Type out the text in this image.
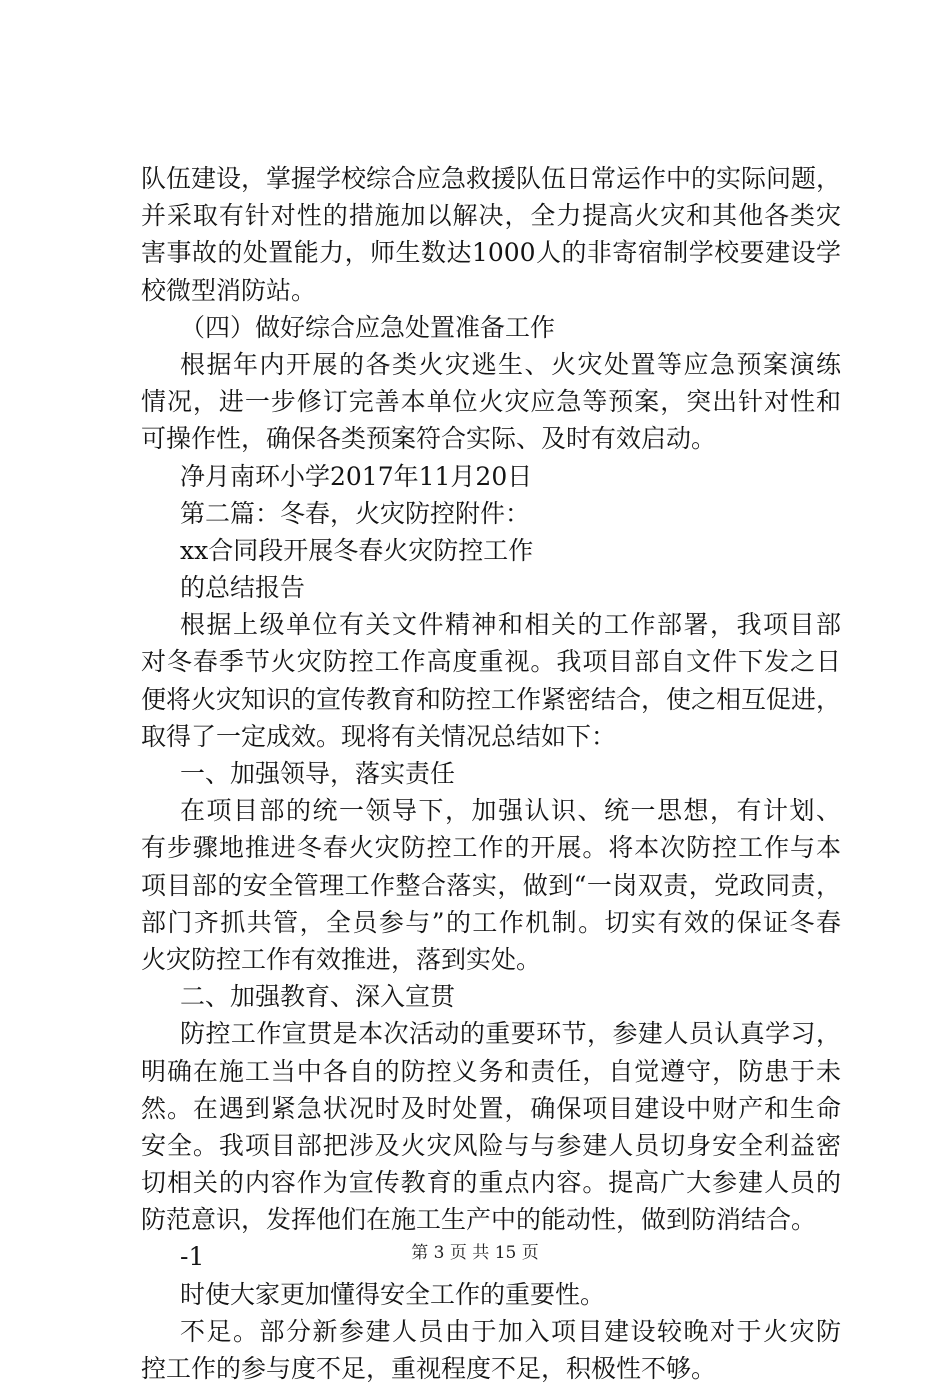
队伍建设，掌握学校综合应急救援队伍日常运作中的实际问题，
并采取有针对性的措施加以解决，全力提高火灾和其他各类灾
害事故的处置能力，师生数达1000人的非寄宿制学校要建设学
校微型消防站。
（四）做好综合应急处置准备工作
根据年内开展的各类火灾逃生、火灾处置等应急预案演练
情况，进一步修订完善本单位火灾应急等预案，突出针对性和
可操作性，确保各类预案符合实际、及时有效启动。
净月南环小学2017年11月20日
第二篇：冬春，火灾防控附件：
xx合同段开展冬春火灾防控工作
的总结报告
根据上级单位有关文件精神和相关的工作部署，我项目部
对冬春季节火灾防控工作高度重视。我项目部自文件下发之日
便将火灾知识的宣传教育和防控工作紧密结合，使之相互促进，
取得了一定成效。现将有关情况总结如下：
一、加强领导，落实责任
在项目部的统一领导下，加强认识、统一思想，有计划、
有步骤地推进冬春火灾防控工作的开展。将本次防控工作与本
项目部的安全管理工作整合落实，做到“一岗双责，党政同责，
部门齐抓共管，全员参与”的工作机制。切实有效的保证冬春
火灾防控工作有效推进，落到实处。
二、加强教育、深入宣贯
防控工作宣贯是本次活动的重要环节，参建人员认真学习，
明确在施工当中各自的防控义务和责任，自觉遵守，防患于未
然。在遇到紧急状况时及时处置，确保项目建设中财产和生命
安全。我项目部把涉及火灾风险与与参建人员切身安全利益密
切相关的内容作为宣传教育的重点内容。提高广大参建人员的
防范意识，发挥他们在施工生产中的能动性，做到防消结合。
-1
时使大家更加懂得安全工作的重要性。
不足。部分新参建人员由于加入项目建设较晚对于火灾防
控工作的参与度不足，重视程度不足，积极性不够。
第 3 页 共 15 页
